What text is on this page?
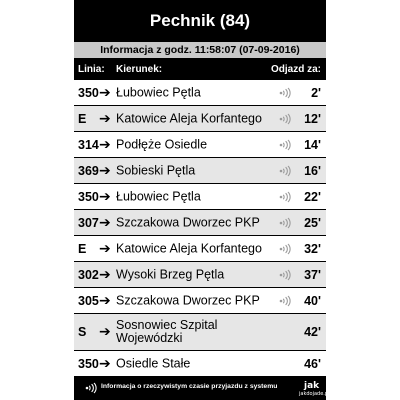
Pechnik (84)
Informacja z godz. 11:58:07 (07-09-2016)
Linia: Kierunek:	Odjazd za:
350 ➔ Łubowiec Pętla	2'
E ➔ Katowice Aleja Korfantego	12'
314 ➔ Podłęże Osiedle	14'
369 ➔ Sobieski Pętla	16'
350 ➔ Łubowiec Pętla	22'
307 ➔ Szczakowa Dworzec PKP	25'
E ➔ Katowice Aleja Korfantego	32'
302 ➔ Wysoki Brzeg Pętla	37'
305 ➔ Szczakowa Dworzec PKP	40'
S ➔ Sosnowiec Szpital Wojewódzki	42'
350 ➔ Osiedle Stałe	46'
Informacja o rzeczywistym czasie przyjazdu z systemu	jak
jakdojade.pl
